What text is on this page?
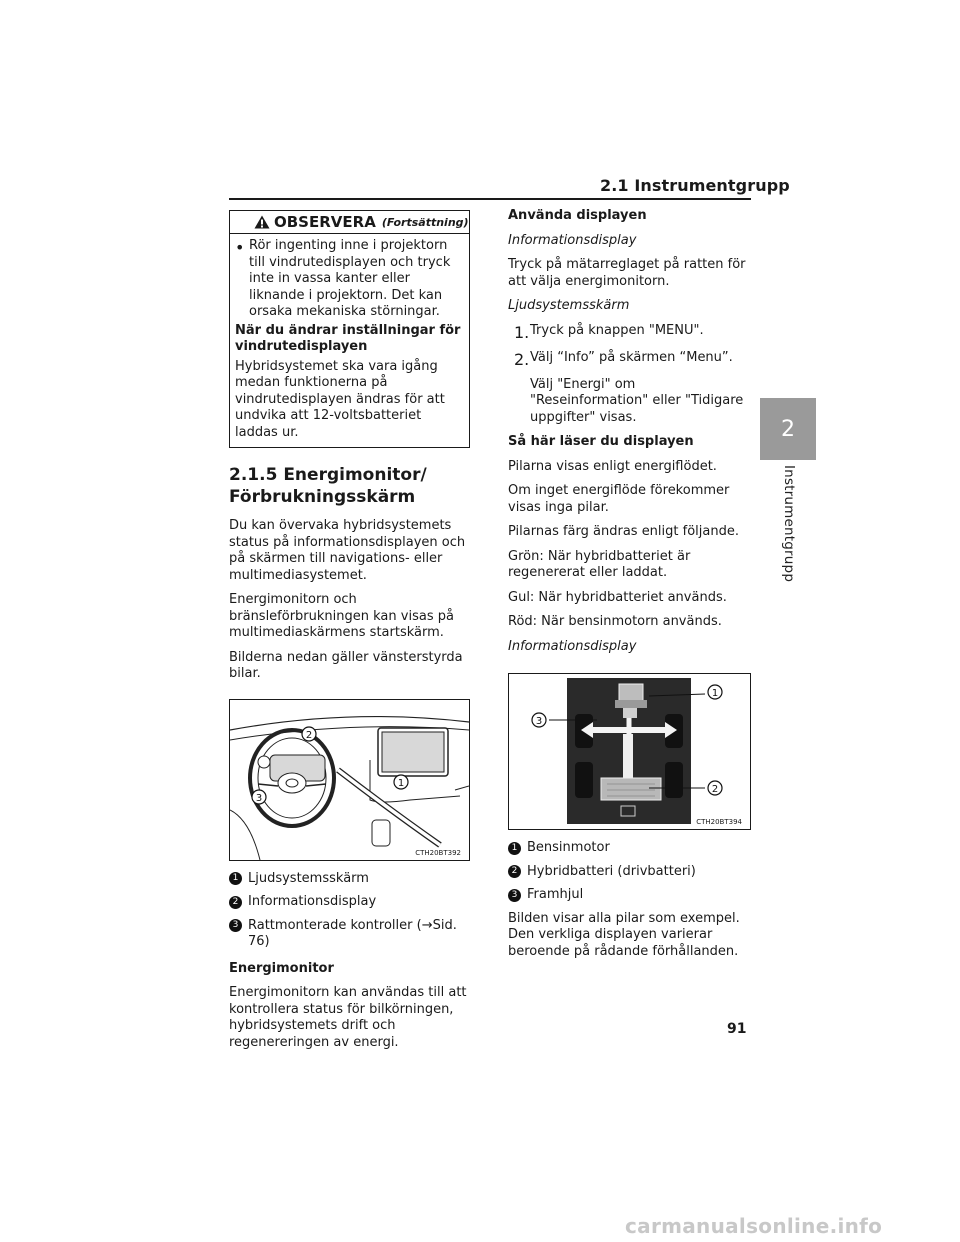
2.1 Instrumentgrupp
2
Instrumentgrupp
OBSERVERA (Fortsättning)
• Rör ingenting inne i projektorn till vindrutedisplayen och tryck inte in vassa kanter eller liknande i projektorn. Det kan orsaka mekaniska störningar.

När du ändrar inställningar för vindrutedisplayen

Hybridsystemet ska vara igång medan funktionerna på vindrutedisplayen ändras för att undvika att 12-voltsbatteriet laddas ur.

2.1.5 Energimonitor/ Förbrukningsskärm

Du kan övervaka hybridsystemets status på informationsdisplayen och på skärmen till navigations- eller multimediasystemet.

Energimonitorn och bränsleförbrukningen kan visas på multimediaskärmens startskärm.

Bilderna nedan gäller vänsterstyrda bilar.

2
1
3
CTH20BT392
1 Ljudsystemsskärm

2 Informationsdisplay

3 Rattmonterade kontroller (→Sid. 76)

Energimonitor

Energimonitorn kan användas till att kontrollera status för bilkörningen, hybridsystemets drift och regenereringen av energi.

Använda displayen

Informationsdisplay

Tryck på mätarreglaget på ratten för att välja energimonitorn.

Ljudsystemsskärm

1. Tryck på knappen "MENU".

2. Välj “Info” på skärmen “Menu”.

Välj "Energi" om "Reseinformation" eller "Tidigare uppgifter" visas.

Så här läser du displayen

Pilarna visas enligt energiflödet.

Om inget energiflöde förekommer visas inga pilar.

Pilarnas färg ändras enligt följande.

Grön: När hybridbatteriet är regenererat eller laddat.

Gul: När hybridbatteriet används.

Röd: När bensinmotorn används.

Informationsdisplay

1
2
3
CTH20BT394
1 Bensinmotor

2 Hybridbatteri (drivbatteri)

3 Framhjul

Bilden visar alla pilar som exempel. Den verkliga displayen varierar beroende på rådande förhållanden.

91
carmanualsonline.info
